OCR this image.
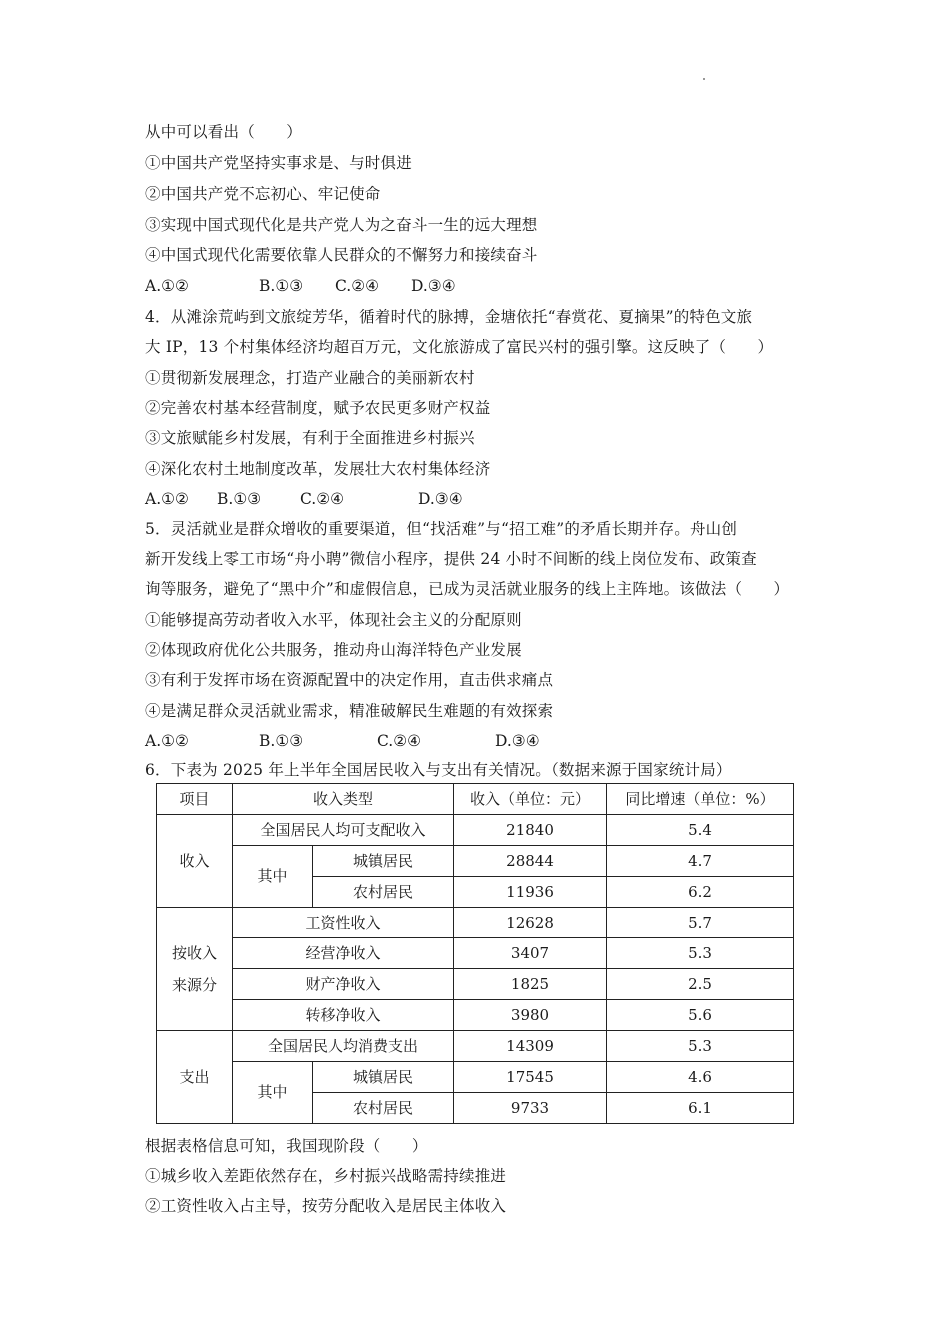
从中可以看出（　　）
①中国共产党坚持实事求是、与时俱进
②中国共产党不忘初心、牢记使命
③实现中国式现代化是共产党人为之奋斗一生的远大理想
④中国式现代化需要依靠人民群众的不懈努力和接续奋斗
A.①②	B.①③ C.②④ D.③④
4．从滩涂荒屿到文旅绽芳华，循着时代的脉搏，金塘依托“春赏花、夏摘果”的特色文旅
大 IP，13 个村集体经济均超百万元，文化旅游成了富民兴村的强引擎。这反映了（　　）
①贯彻新发展理念，打造产业融合的美丽新农村
②完善农村基本经营制度，赋予农民更多财产权益
③文旅赋能乡村发展，有利于全面推进乡村振兴
④深化农村土地制度改革，发展壮大农村集体经济
A.①② B.①③	C.②④	D.③④
5．灵活就业是群众增收的重要渠道，但“找活难”与“招工难”的矛盾长期并存。舟山创
新开发线上零工市场“舟小聘”微信小程序，提供 24 小时不间断的线上岗位发布、政策查
询等服务，避免了“黑中介”和虚假信息，已成为灵活就业服务的线上主阵地。该做法（　　）
①能够提高劳动者收入水平，体现社会主义的分配原则
②体现政府优化公共服务，推动舟山海洋特色产业发展
③有利于发挥市场在资源配置中的决定作用，直击供求痛点
④是满足群众灵活就业需求，精准破解民生难题的有效探索
A.①②	B.①③	C.②④	D.③④
6．下表为 2025 年上半年全国居民收入与支出有关情况。（数据来源于国家统计局）
项目	收入类型		收入（单位：元）	同比增速（单位：%）
收入	全国居民人均可支配收入		21840	5.4
	其中	城镇居民	28844	4.7
		农村居民	11936	6.2
按收入
来源分	工资性收入		12628	5.7
	经营净收入		3407	5.3
	财产净收入		1825	2.5
	转移净收入		3980	5.6
支出	全国居民人均消费支出		14309	5.3
	其中	城镇居民	17545	4.6
		农村居民	9733	6.1
根据表格信息可知，我国现阶段（　　）
①城乡收入差距依然存在，乡村振兴战略需持续推进
②工资性收入占主导，按劳分配收入是居民主体收入
